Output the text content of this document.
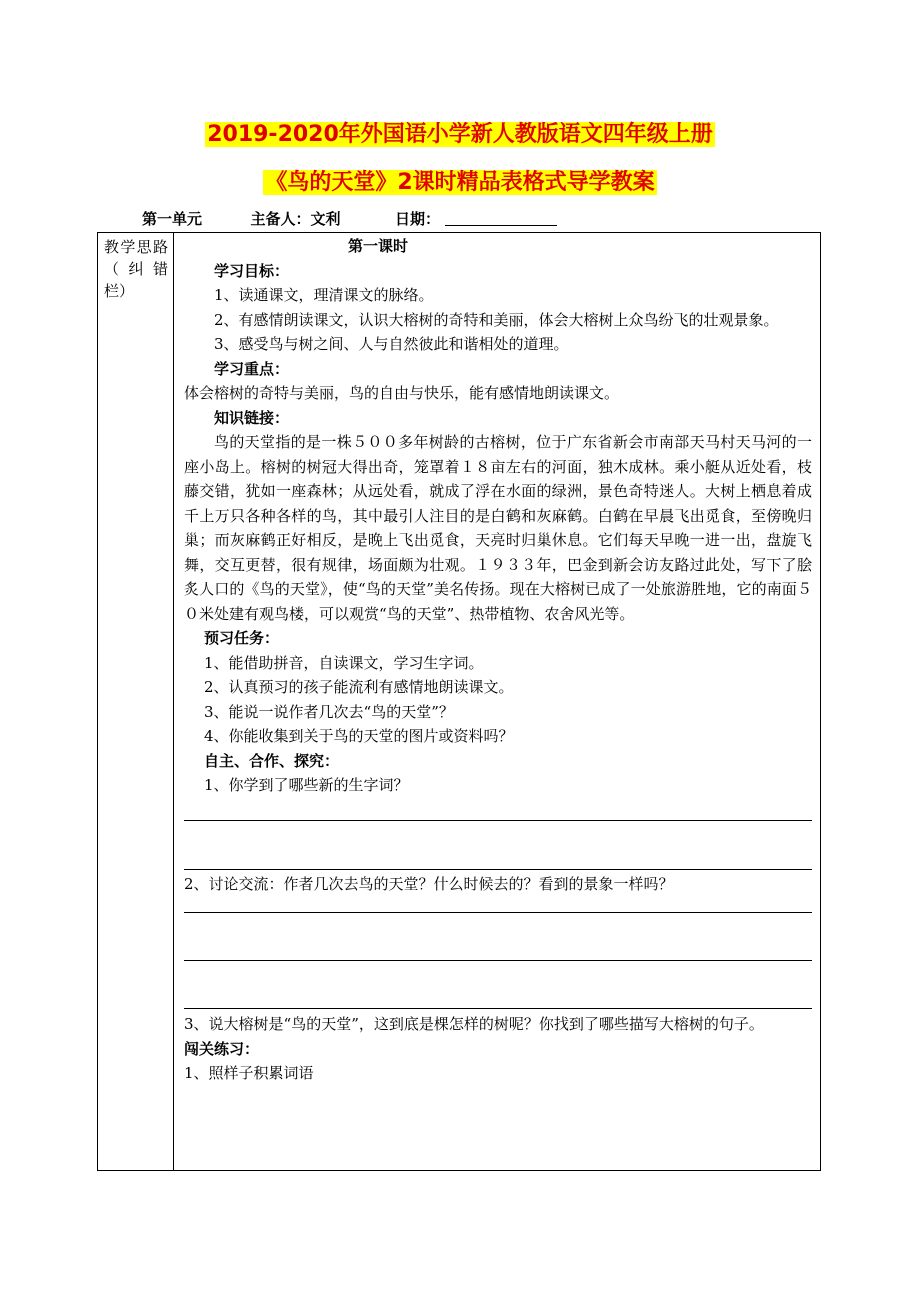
2019-2020年外国语小学新人教版语文四年级上册
《鸟的天堂》2课时精品表格式导学教案
第一单元	主备人：文利	日期：
教学思路（纠错栏）

第一课时

学习目标：

1、读通课文，理清课文的脉络。

2、有感情朗读课文，认识大榕树的奇特和美丽，体会大榕树上众鸟纷飞的壮观景象。

3、感受鸟与树之间、人与自然彼此和谐相处的道理。

学习重点：

体会榕树的奇特与美丽，鸟的自由与快乐，能有感情地朗读课文。

知识链接：

鸟的天堂指的是一株５００多年树龄的古榕树，位于广东省新会市南部天马村天马河的一座小岛上。榕树的树冠大得出奇，笼罩着１８亩左右的河面，独木成林。乘小艇从近处看，枝藤交错，犹如一座森林；从远处看，就成了浮在水面的绿洲，景色奇特迷人。大树上栖息着成千上万只各种各样的鸟，其中最引人注目的是白鹤和灰麻鹤。白鹤在早晨飞出觅食，至傍晚归巢；而灰麻鹤正好相反，是晚上飞出觅食，天亮时归巢休息。它们每天早晚一进一出，盘旋飞舞，交互更替，很有规律，场面颇为壮观。１９３３年，巴金到新会访友路过此处，写下了脍炙人口的《鸟的天堂》，使“鸟的天堂”美名传扬。现在大榕树已成了一处旅游胜地，它的南面５０米处建有观鸟楼，可以观赏“鸟的天堂”、热带植物、农舍风光等。

预习任务：

1、能借助拼音，自读课文，学习生字词。

2、认真预习的孩子能流利有感情地朗读课文。

3、能说一说作者几次去“鸟的天堂”？

4、你能收集到关于鸟的天堂的图片或资料吗？

自主、合作、探究：

1、你学到了哪些新的生字词？

2、讨论交流：作者几次去鸟的天堂？什么时候去的？看到的景象一样吗？

3、说大榕树是“鸟的天堂”，这到底是棵怎样的树呢？你找到了哪些描写大榕树的句子。

闯关练习：

1、照样子积累词语
